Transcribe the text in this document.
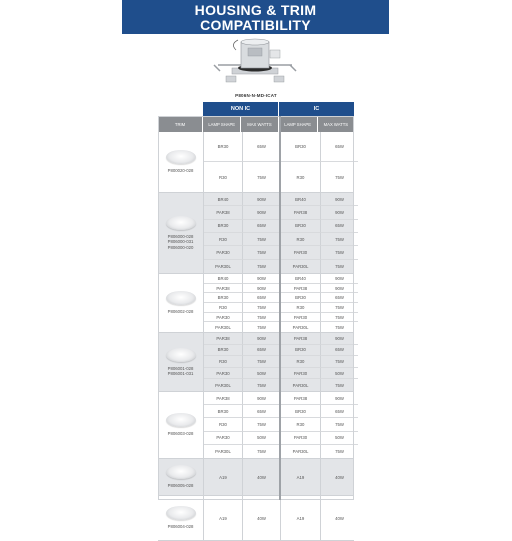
HOUSING & TRIM
COMPATIBILITY
P806N-N-MD-ICAT
NON IC	IC
TRIM	LAMP SHAPE	MAX WATTS	LAMP SHAPE	MAX WATTS
P800020-028
BR30	65W	BR30	65W
R30	75W	R30	75W
P806000-028
P806000-031
P806000-020
BR40	90W	BR40	90W
PAR38	90W	PAR38	90W
BR30	65W	BR30	65W
R30	75W	R30	75W
PAR30	75W	PAR30	75W
PAR30L	75W	PAR30L	75W
P806002-028
BR40	90W	BR40	90W
PAR38	90W	PAR38	90W
BR30	65W	BR30	65W
R30	75W	R30	75W
PAR30	75W	PAR30	75W
PAR30L	75W	PAR30L	75W
P806001-028
P806001-031
PAR38	90W	PAR38	90W
BR30	65W	BR30	65W
R30	75W	R30	75W
PAR30	50W	PAR30	50W
PAR30L	75W	PAR30L	75W
P806003-028
PAR38	90W	PAR38	90W
BR30	65W	BR30	65W
R30	75W	R30	75W
PAR30	50W	PAR30	50W
PAR30L	75W	PAR30L	75W
P806005-028
A19	40W	A19	40W
P806004-028
A19	40W	A19	40W
